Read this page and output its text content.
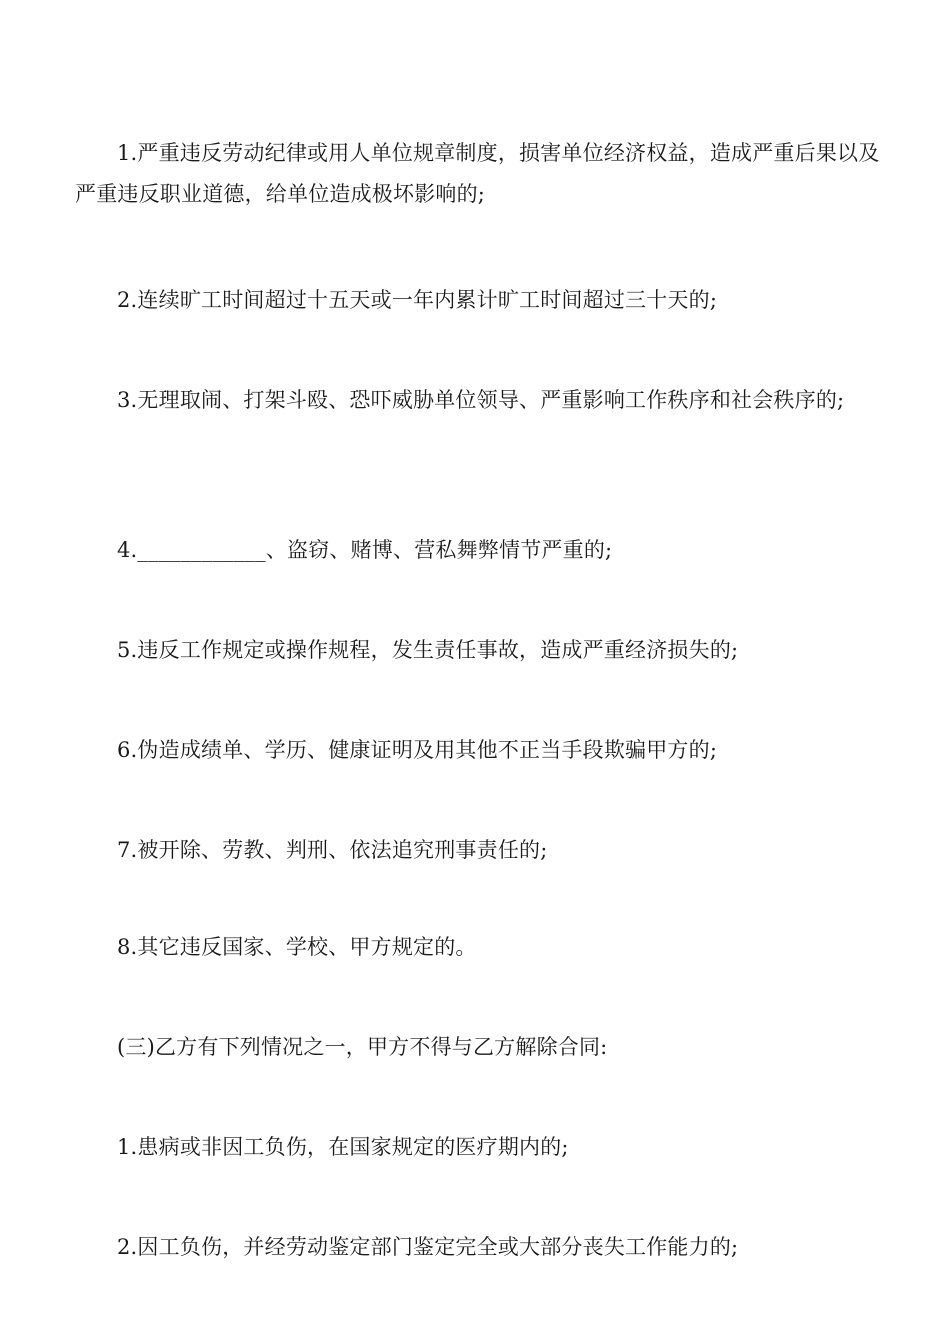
1.严重违反劳动纪律或用人单位规章制度，损害单位经济权益，造成严重后果以及严重违反职业道德，给单位造成极坏影响的;
2.连续旷工时间超过十五天或一年内累计旷工时间超过三十天的;
3.无理取闹、打架斗殴、恐吓威胁单位领导、严重影响工作秩序和社会秩序的;
4.____________、盗窃、赌博、营私舞弊情节严重的;
5.违反工作规定或操作规程，发生责任事故，造成严重经济损失的;
6.伪造成绩单、学历、健康证明及用其他不正当手段欺骗甲方的;
7.被开除、劳教、判刑、依法追究刑事责任的;
8.其它违反国家、学校、甲方规定的。
(三)乙方有下列情况之一，甲方不得与乙方解除合同:
1.患病或非因工负伤，在国家规定的医疗期内的;
2.因工负伤，并经劳动鉴定部门鉴定完全或大部分丧失工作能力的;
